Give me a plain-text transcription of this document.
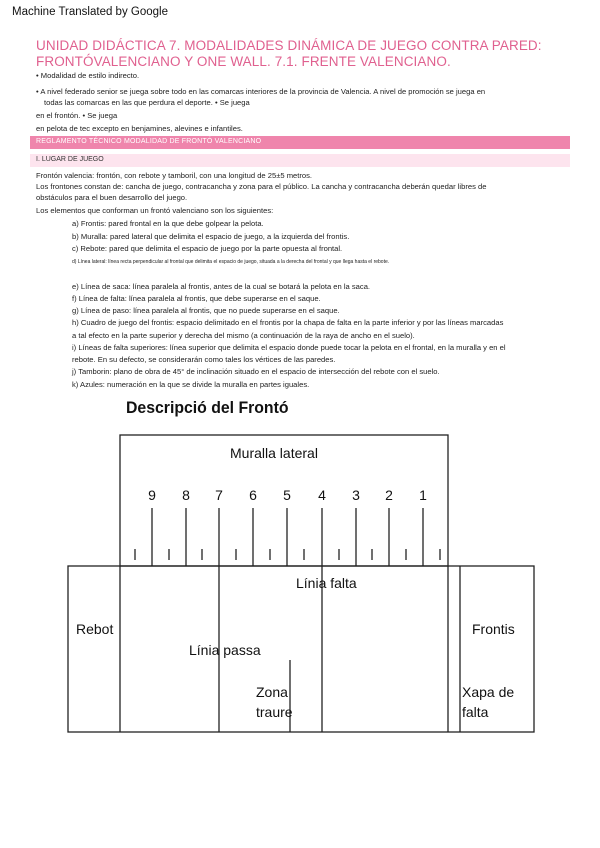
Machine Translated by Google
UNIDAD DIDÁCTICA 7. MODALIDADES DINÁMICA DE JUEGO CONTRA PARED:
FRONTÓVALENCIANO Y ONE WALL. 7.1. FRENTE VALENCIANO.
• Modalidad de estilo indirecto.
• A nivel federado senior se juega sobre todo en las comarcas interiores de la provincia de Valencia. A nivel de promoción se juega en
todas las comarcas en las que perdura el deporte. • Se juega
en el frontón. • Se juega
en pelota de tec excepto en benjamines, alevines e infantiles.
REGLAMENTO TÉCNICO MODALIDAD DE FRONTÓ VALENCIANO
I. LUGAR DE JUEGO
Frontón valencia: frontón, con rebote y tamboril, con una longitud de 25±5 metros.
Los frontones constan de: cancha de juego, contracancha y zona para el público. La cancha y contracancha deberán quedar libres de
obstáculos para el buen desarrollo del juego.
Los elementos que conforman un frontó valenciano son los siguientes:
a) Frontis: pared frontal en la que debe golpear la pelota.
b) Muralla: pared lateral que delimita el espacio de juego, a la izquierda del frontis.
c) Rebote: pared que delimita el espacio de juego por la parte opuesta al frontal.
d) Línea lateral: línea recta perpendicular al frontal que delimita el espacio de juego, situada a la derecha del frontal y que llega hasta el rebote.
e) Línea de saca: línea paralela al frontis, antes de la cual se botará la pelota en la saca.
f) Línea de falta: línea paralela al frontis, que debe superarse en el saque.
g) Línea de paso: línea paralela al frontis, que no puede superarse en el saque.
h) Cuadro de juego del frontis: espacio delimitado en el frontis por la chapa de falta en la parte inferior y por las líneas marcadas
a tal efecto en la parte superior y derecha del mismo (a continuación de la raya de ancho en el suelo).
i) Líneas de falta superiores: línea superior que delimita el espacio donde puede tocar la pelota en el frontal, en la muralla y en el
rebote. En su defecto, se considerarán como tales los vértices de las paredes.
j) Tamborin: plano de obra de 45° de inclinación situado en el espacio de intersección del rebote con el suelo.
k) Azules: numeración en la que se divide la muralla en partes iguales.
Descripció del Frontó
Muralla lateral
9 8 7 6 5 4 3 2 1
Línia falta
Rebot	Frontis
Línia passa
Zona
traure
Xapa de
falta
